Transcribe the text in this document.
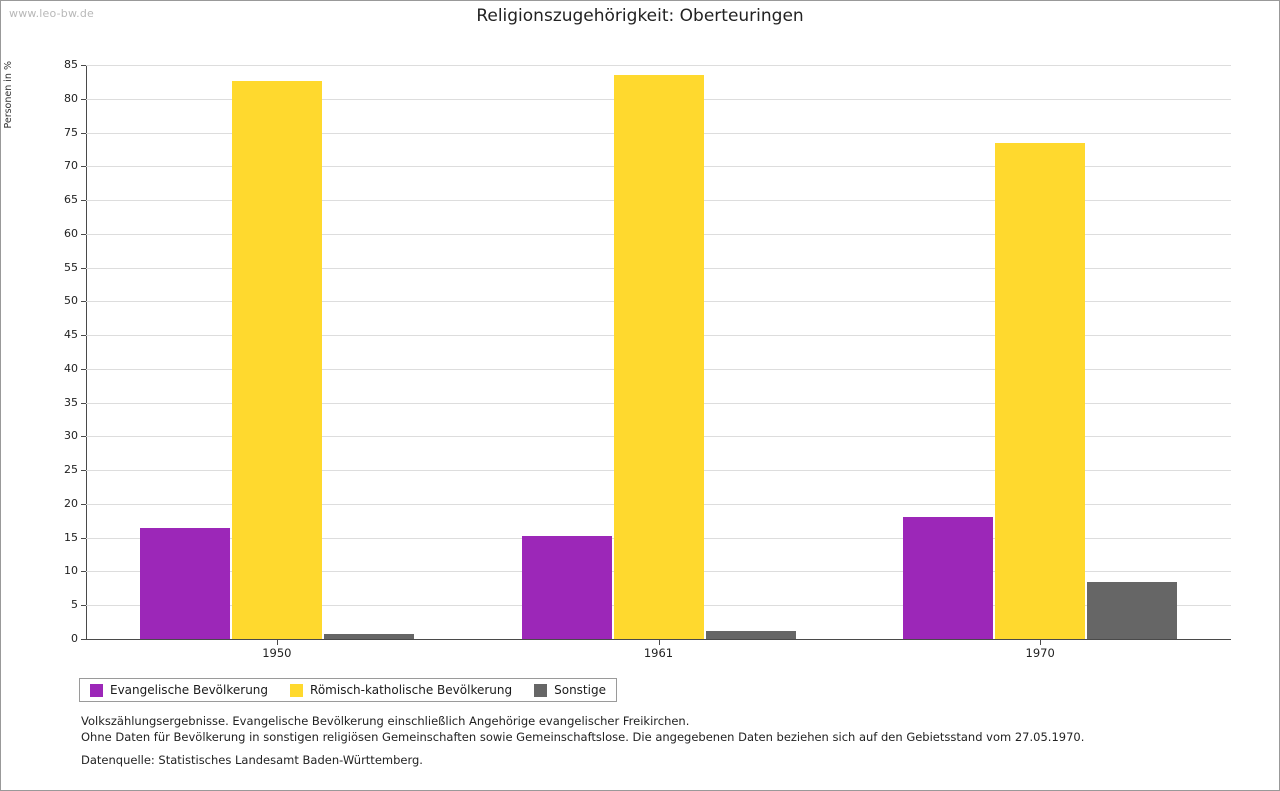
www.leo-bw.de	Religionszugehörigkeit: Oberteuringen
Personen in %
0
5
10
15
20
25
30
35
40
45
50
55
60
65
70
75
80
85
1950	1961	1970
Evangelische Bevölkerung	Römisch-katholische Bevölkerung	Sonstige
Volkszählungsergebnisse. Evangelische Bevölkerung einschließlich Angehörige evangelischer Freikirchen.
Ohne Daten für Bevölkerung in sonstigen religiösen Gemeinschaften sowie Gemeinschaftslose. Die angegebenen Daten beziehen sich auf den Gebietsstand vom 27.05.1970.
Datenquelle: Statistisches Landesamt Baden-Württemberg.
